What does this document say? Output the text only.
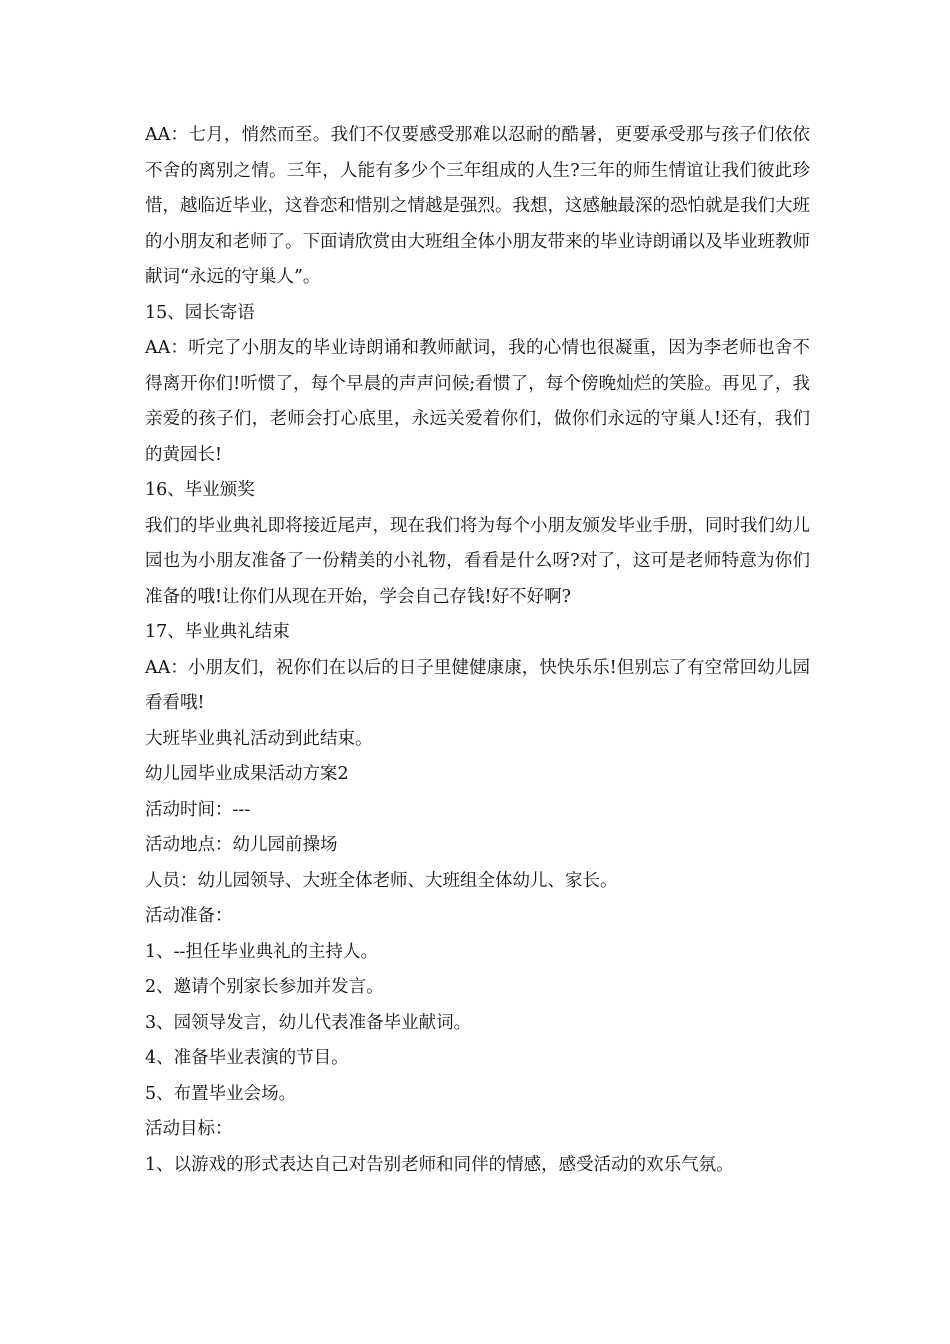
AA：七月，悄然而至。我们不仅要感受那难以忍耐的酷暑，更要承受那与孩子们依依不舍的离别之情。三年，人能有多少个三年组成的人生?三年的师生情谊让我们彼此珍惜，越临近毕业，这眷恋和惜别之情越是强烈。我想，这感触最深的恐怕就是我们大班的小朋友和老师了。下面请欣赏由大班组全体小朋友带来的毕业诗朗诵以及毕业班教师献词“永远的守巢人”。

15、园长寄语

AA：听完了小朋友的毕业诗朗诵和教师献词，我的心情也很凝重，因为李老师也舍不得离开你们!听惯了，每个早晨的声声问候;看惯了，每个傍晚灿烂的笑脸。再见了，我亲爱的孩子们，老师会打心底里，永远关爱着你们，做你们永远的守巢人!还有，我们的黄园长!

16、毕业颁奖

我们的毕业典礼即将接近尾声，现在我们将为每个小朋友颁发毕业手册，同时我们幼儿园也为小朋友准备了一份精美的小礼物，看看是什么呀?对了，这可是老师特意为你们准备的哦!让你们从现在开始，学会自己存钱!好不好啊?

17、毕业典礼结束

AA：小朋友们，祝你们在以后的日子里健健康康，快快乐乐!但别忘了有空常回幼儿园看看哦!

大班毕业典礼活动到此结束。

幼儿园毕业成果活动方案2

活动时间：---

活动地点：幼儿园前操场

人员：幼儿园领导、大班全体老师、大班组全体幼儿、家长。

活动准备：

1、--担任毕业典礼的主持人。

2、邀请个别家长参加并发言。

3、园领导发言，幼儿代表准备毕业献词。

4、准备毕业表演的节目。

5、布置毕业会场。

活动目标：

1、以游戏的形式表达自己对告别老师和同伴的情感，感受活动的欢乐气氛。
